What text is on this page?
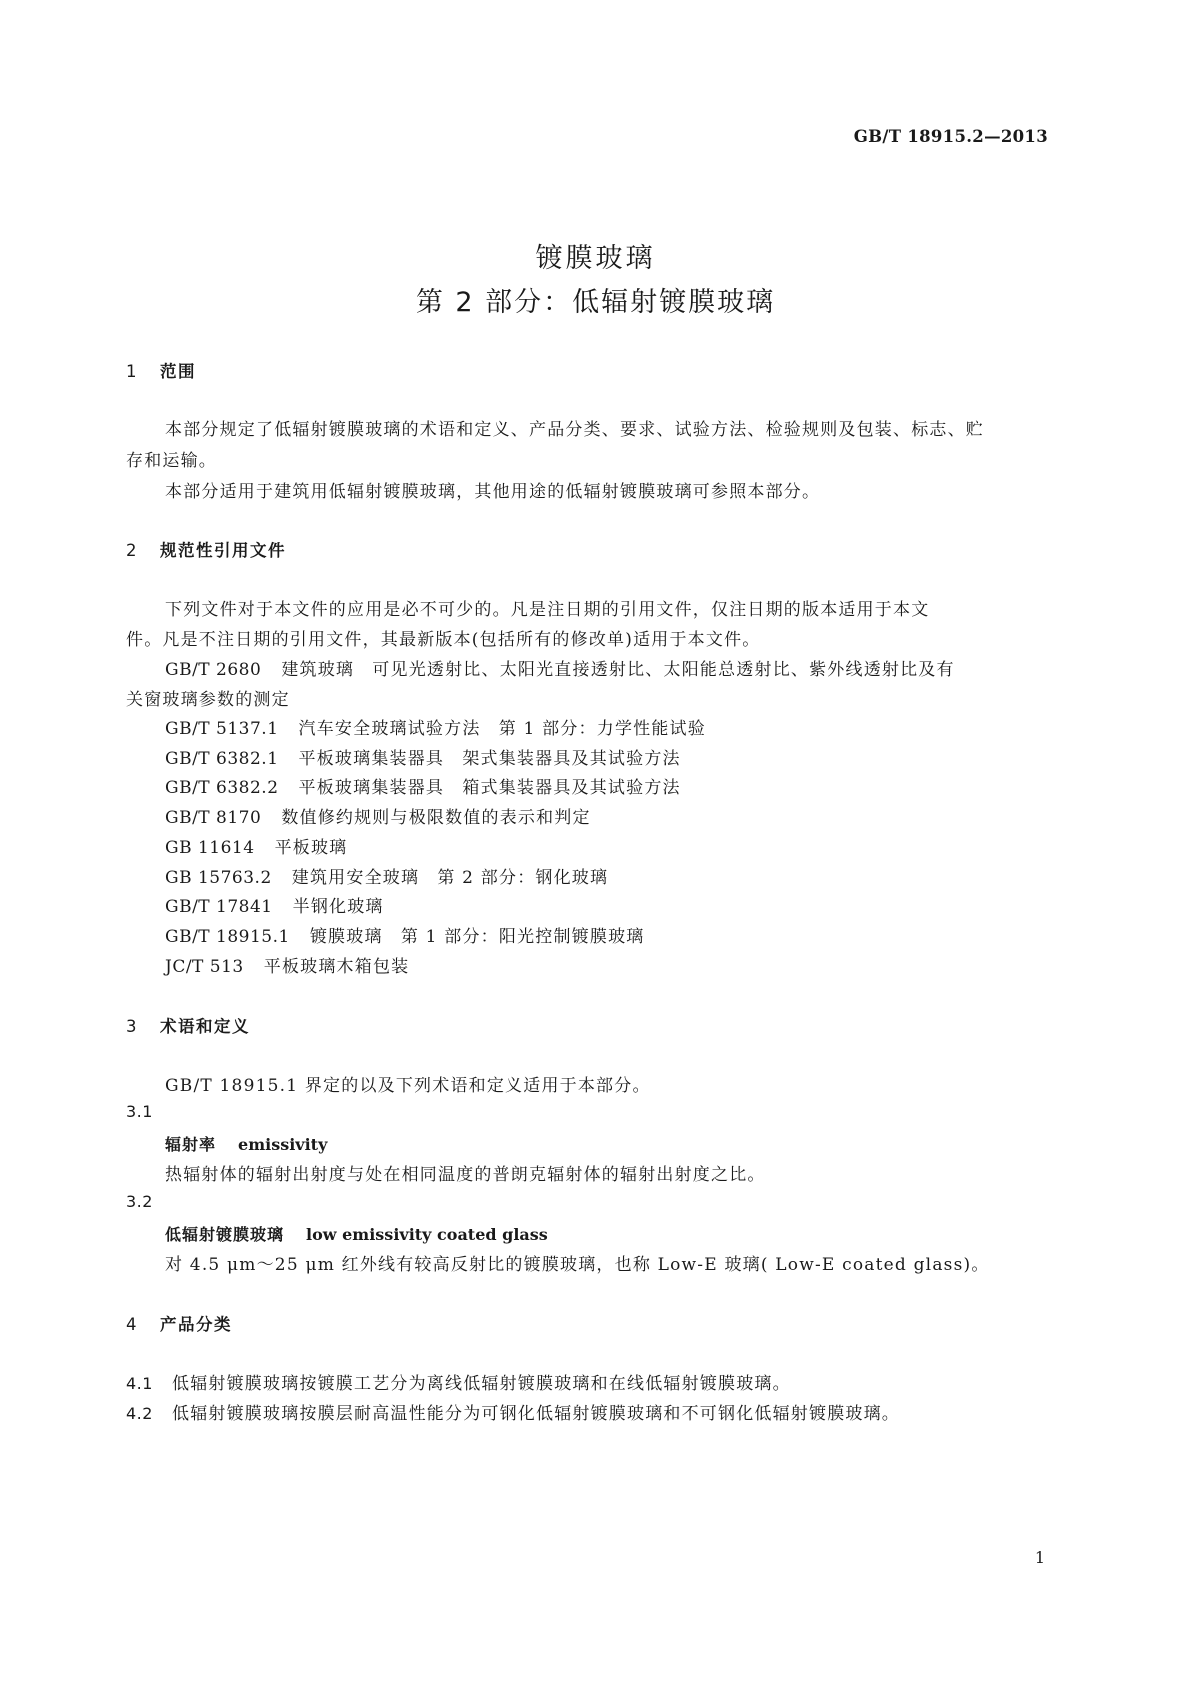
GB/T 18915.2—2013
镀膜玻璃
第 2 部分：低辐射镀膜玻璃
1 范围
本部分规定了低辐射镀膜玻璃的术语和定义、产品分类、要求、试验方法、检验规则及包装、标志、贮
存和运输。
本部分适用于建筑用低辐射镀膜玻璃，其他用途的低辐射镀膜玻璃可参照本部分。
2 规范性引用文件
下列文件对于本文件的应用是必不可少的。凡是注日期的引用文件，仅注日期的版本适用于本文
件。凡是不注日期的引用文件，其最新版本(包括所有的修改单)适用于本文件。
GB/T 2680 建筑玻璃　可见光透射比、太阳光直接透射比、太阳能总透射比、紫外线透射比及有
关窗玻璃参数的测定
GB/T 5137.1 汽车安全玻璃试验方法　第 1 部分：力学性能试验
GB/T 6382.1 平板玻璃集装器具　架式集装器具及其试验方法
GB/T 6382.2 平板玻璃集装器具　箱式集装器具及其试验方法
GB/T 8170 数值修约规则与极限数值的表示和判定
GB 11614 平板玻璃
GB 15763.2 建筑用安全玻璃　第 2 部分：钢化玻璃
GB/T 17841 半钢化玻璃
GB/T 18915.1 镀膜玻璃　第 1 部分：阳光控制镀膜玻璃
JC/T 513 平板玻璃木箱包装
3 术语和定义
GB/T 18915.1 界定的以及下列术语和定义适用于本部分。
3.1
辐射率 emissivity
热辐射体的辐射出射度与处在相同温度的普朗克辐射体的辐射出射度之比。
3.2
低辐射镀膜玻璃 low emissivity coated glass
对 4.5 μm～25 μm 红外线有较高反射比的镀膜玻璃，也称 Low-E 玻璃( Low-E coated glass)。
4 产品分类
4.1 低辐射镀膜玻璃按镀膜工艺分为离线低辐射镀膜玻璃和在线低辐射镀膜玻璃。
4.2 低辐射镀膜玻璃按膜层耐高温性能分为可钢化低辐射镀膜玻璃和不可钢化低辐射镀膜玻璃。
1
